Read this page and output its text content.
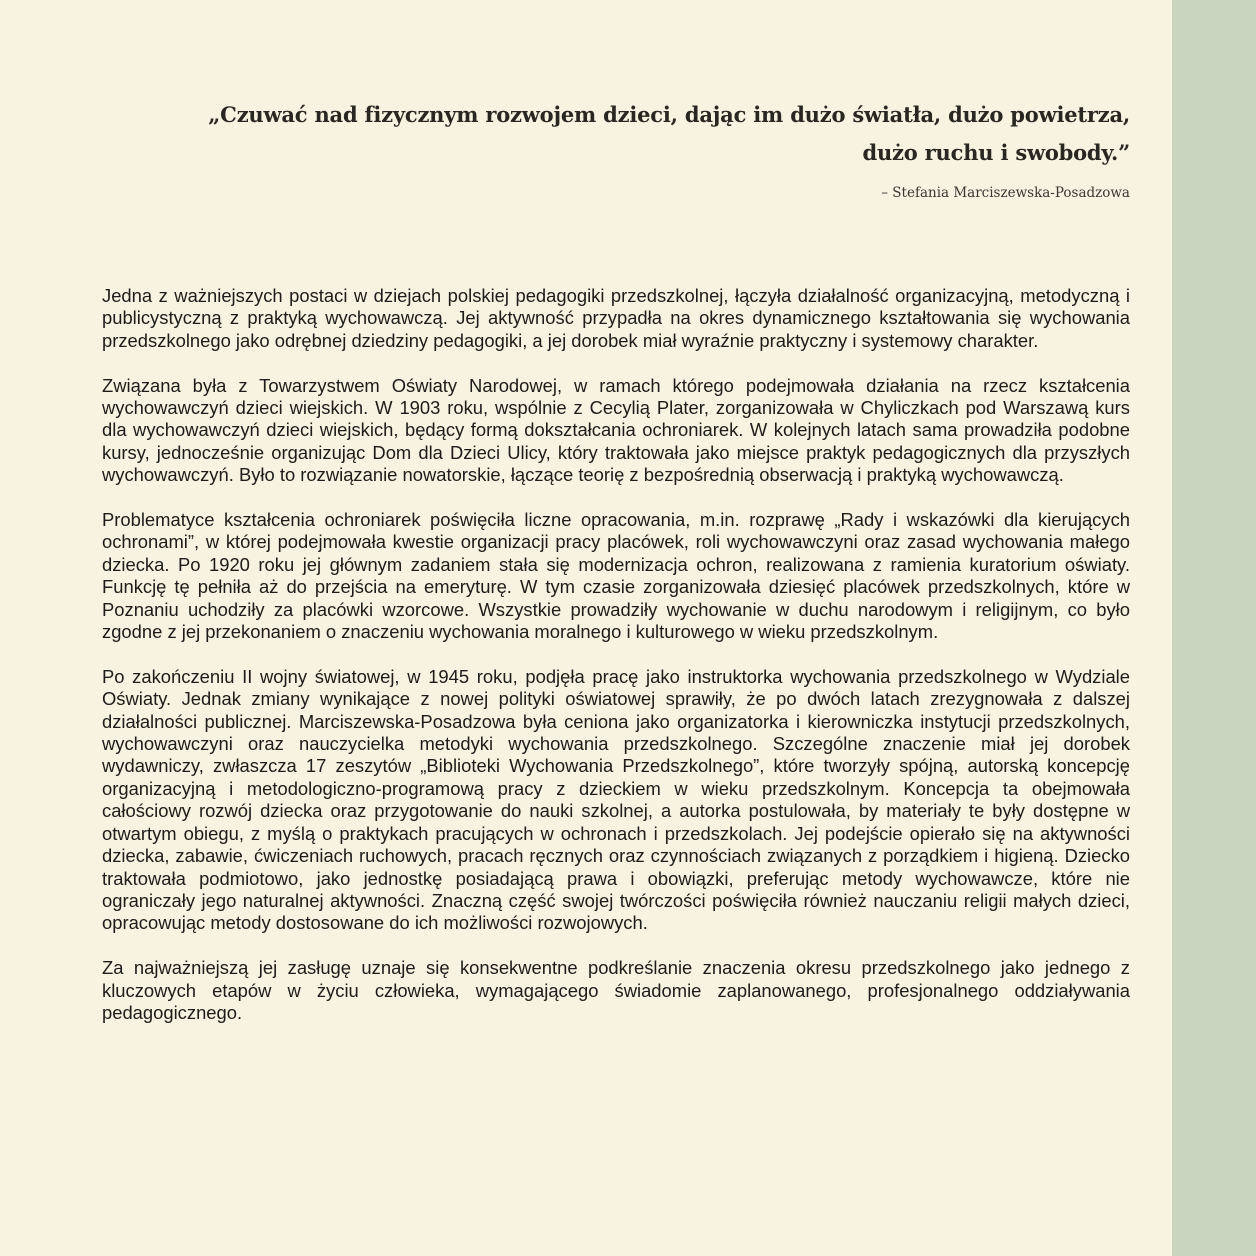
„Czuwać nad fizycznym rozwojem dzieci, dając im dużo światła, dużo powietrza, dużo ruchu i swobody.”
– Stefania Marciszewska-Posadzowa

Jedna z ważniejszych postaci w dziejach polskiej pedagogiki przedszkolnej, łączyła działalność organizacyjną, metodyczną i publicystyczną z praktyką wychowawczą. Jej aktywność przypadła na okres dynamicznego kształtowania się wychowania przedszkolnego jako odrębnej dziedziny pedagogiki, a jej dorobek miał wyraźnie praktyczny i systemowy charakter.

Związana była z Towarzystwem Oświaty Narodowej, w ramach którego podejmowała działania na rzecz kształcenia wychowawczyń dzieci wiejskich. W 1903 roku, wspólnie z Cecylią Plater, zorganizowała w Chyliczkach pod Warszawą kurs dla wychowawczyń dzieci wiejskich, będący formą dokształcania ochroniarek. W kolejnych latach sama prowadziła podobne kursy, jednocześnie organizując Dom dla Dzieci Ulicy, który traktowała jako miejsce praktyk pedagogicznych dla przyszłych wychowawczyń. Było to rozwiązanie nowatorskie, łączące teorię z bezpośrednią obserwacją i praktyką wychowawczą.

Problematyce kształcenia ochroniarek poświęciła liczne opracowania, m.in. rozprawę „Rady i wskazówki dla kierujących ochronami”, w której podejmowała kwestie organizacji pracy placówek, roli wychowawczyni oraz zasad wychowania małego dziecka. Po 1920 roku jej głównym zadaniem stała się modernizacja ochron, realizowana z ramienia kuratorium oświaty. Funkcję tę pełniła aż do przejścia na emeryturę. W tym czasie zorganizowała dziesięć placówek przedszkolnych, które w Poznaniu uchodziły za placówki wzorcowe. Wszystkie prowadziły wychowanie w duchu narodowym i religijnym, co było zgodne z jej przekonaniem o znaczeniu wychowania moralnego i kulturowego w wieku przedszkolnym.

Po zakończeniu II wojny światowej, w 1945 roku, podjęła pracę jako instruktorka wychowania przedszkolnego w Wydziale Oświaty. Jednak zmiany wynikające z nowej polityki oświatowej sprawiły, że po dwóch latach zrezygnowała z dalszej działalności publicznej. Marciszewska-Posadzowa była ceniona jako organizatorka i kierowniczka instytucji przedszkolnych, wychowawczyni oraz nauczycielka metodyki wychowania przedszkolnego. Szczególne znaczenie miał jej dorobek wydawniczy, zwłaszcza 17 zeszytów „Biblioteki Wychowania Przedszkolnego”, które tworzyły spójną, autorską koncepcję organizacyjną i metodologiczno-programową pracy z dzieckiem w wieku przedszkolnym. Koncepcja ta obejmowała całościowy rozwój dziecka oraz przygotowanie do nauki szkolnej, a autorka postulowała, by materiały te były dostępne w otwartym obiegu, z myślą o praktykach pracujących w ochronach i przedszkolach. Jej podejście opierało się na aktywności dziecka, zabawie, ćwiczeniach ruchowych, pracach ręcznych oraz czynnościach związanych z porządkiem i higieną. Dziecko traktowała podmiotowo, jako jednostkę posiadającą prawa i obowiązki, preferując metody wychowawcze, które nie ograniczały jego naturalnej aktywności. Znaczną część swojej twórczości poświęciła również nauczaniu religii małych dzieci, opracowując metody dostosowane do ich możliwości rozwojowych.

Za najważniejszą jej zasługę uznaje się konsekwentne podkreślanie znaczenia okresu przedszkolnego jako jednego z kluczowych etapów w życiu człowieka, wymagającego świadomie zaplanowanego, profesjonalnego oddziaływania pedagogicznego.
